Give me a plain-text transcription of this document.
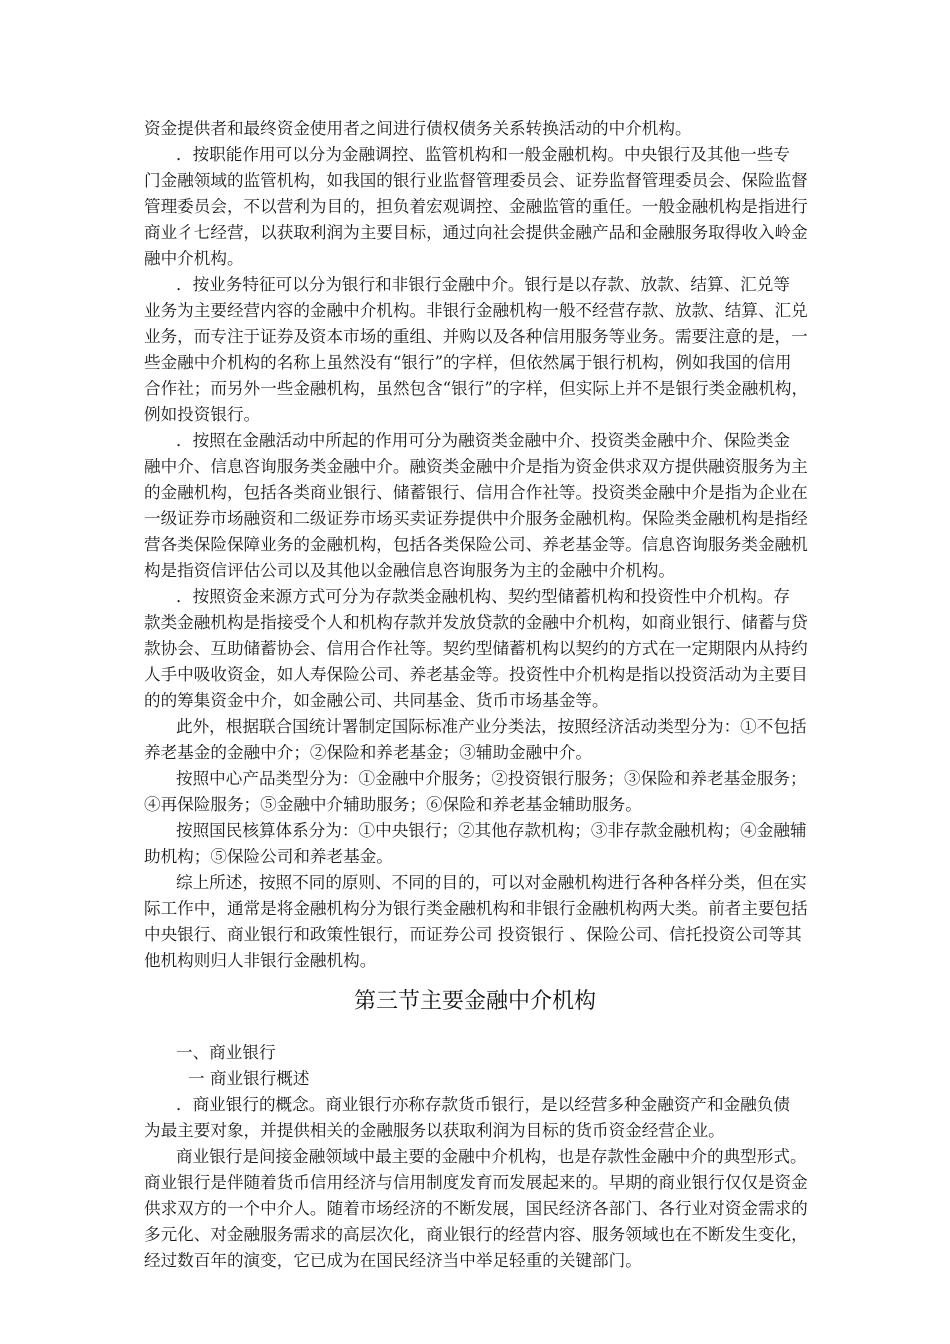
资金提供者和最终资金使用者之间进行债权债务关系转换活动的中介机构。
．按职能作用可以分为金融调控、监管机构和一般金融机构。中央银行及其他一些专
门金融领域的监管机构，如我国的银行业监督管理委员会、证券监督管理委员会、保险监督
管理委员会，不以营利为目的，担负着宏观调控、金融监管的重任。一般金融机构是指进行
商业彳七经营，以获取利润为主要目标，通过向社会提供金融产品和金融服务取得收入岭金
融中介机构。
．按业务特征可以分为银行和非银行金融中介。银行是以存款、放款、结算、汇兑等
业务为主要经营内容的金融中介机构。非银行金融机构一般不经营存款、放款、结算、汇兑
业务，而专注于证券及资本市场的重组、并购以及各种信用服务等业务。需要注意的是，一
些金融中介机构的名称上虽然没有“银行”的字样，但依然属于银行机构，例如我国的信用
合作社；而另外一些金融机构，虽然包含“银行”的字样，但实际上并不是银行类金融机构，
例如投资银行。
．按照在金融活动中所起的作用可分为融资类金融中介、投资类金融中介、保险类金
融中介、信息咨询服务类金融中介。融资类金融中介是指为资金供求双方提供融资服务为主
的金融机构，包括各类商业银行、储蓄银行、信用合作社等。投资类金融中介是指为企业在
一级证券市场融资和二级证券市场买卖证券提供中介服务金融机构。保险类金融机构是指经
营各类保险保障业务的金融机构，包括各类保险公司、养老基金等。信息咨询服务类金融机
构是指资信评估公司以及其他以金融信息咨询服务为主的金融中介机构。
．按照资金来源方式可分为存款类金融机构、契约型储蓄机构和投资性中介机构。存
款类金融机构是指接受个人和机构存款并发放贷款的金融中介机构，如商业银行、储蓄与贷
款协会、互助储蓄协会、信用合作社等。契约型储蓄机构以契约的方式在一定期限内从持约
人手中吸收资金，如人寿保险公司、养老基金等。投资性中介机构是指以投资活动为主要目
的的筹集资金中介，如金融公司、共同基金、货币市场基金等。
此外，根据联合国统计署制定国际标准产业分类法，按照经济活动类型分为：①不包括
养老基金的金融中介；②保险和养老基金；③辅助金融中介。
按照中心产品类型分为：①金融中介服务；②投资银行服务；③保险和养老基金服务；
④再保险服务；⑤金融中介辅助服务；⑥保险和养老基金辅助服务。
按照国民核算体系分为：①中央银行；②其他存款机构；③非存款金融机构；④金融辅
助机构；⑤保险公司和养老基金。
综上所述，按照不同的原则、不同的目的，可以对金融机构进行各种各样分类，但在实
际工作中，通常是将金融机构分为银行类金融机构和非银行金融机构两大类。前者主要包括
中央银行、商业银行和政策性银行，而证券公司 投资银行 、保险公司、信托投资公司等其
他机构则归人非银行金融机构。
第三节主要金融中介机构
一、商业银行
一 商业银行概述
．商业银行的概念。商业银行亦称存款货币银行，是以经营多种金融资产和金融负债
为最主要对象，并提供相关的金融服务以获取利润为目标的货币资金经营企业。
商业银行是间接金融领域中最主要的金融中介机构，也是存款性金融中介的典型形式。
商业银行是伴随着货币信用经济与信用制度发育而发展起来的。早期的商业银行仅仅是资金
供求双方的一个中介人。随着市场经济的不断发展，国民经济各部门、各行业对资金需求的
多元化、对金融服务需求的高层次化，商业银行的经营内容、服务领域也在不断发生变化，
经过数百年的演变，它已成为在国民经济当中举足轻重的关键部门。
